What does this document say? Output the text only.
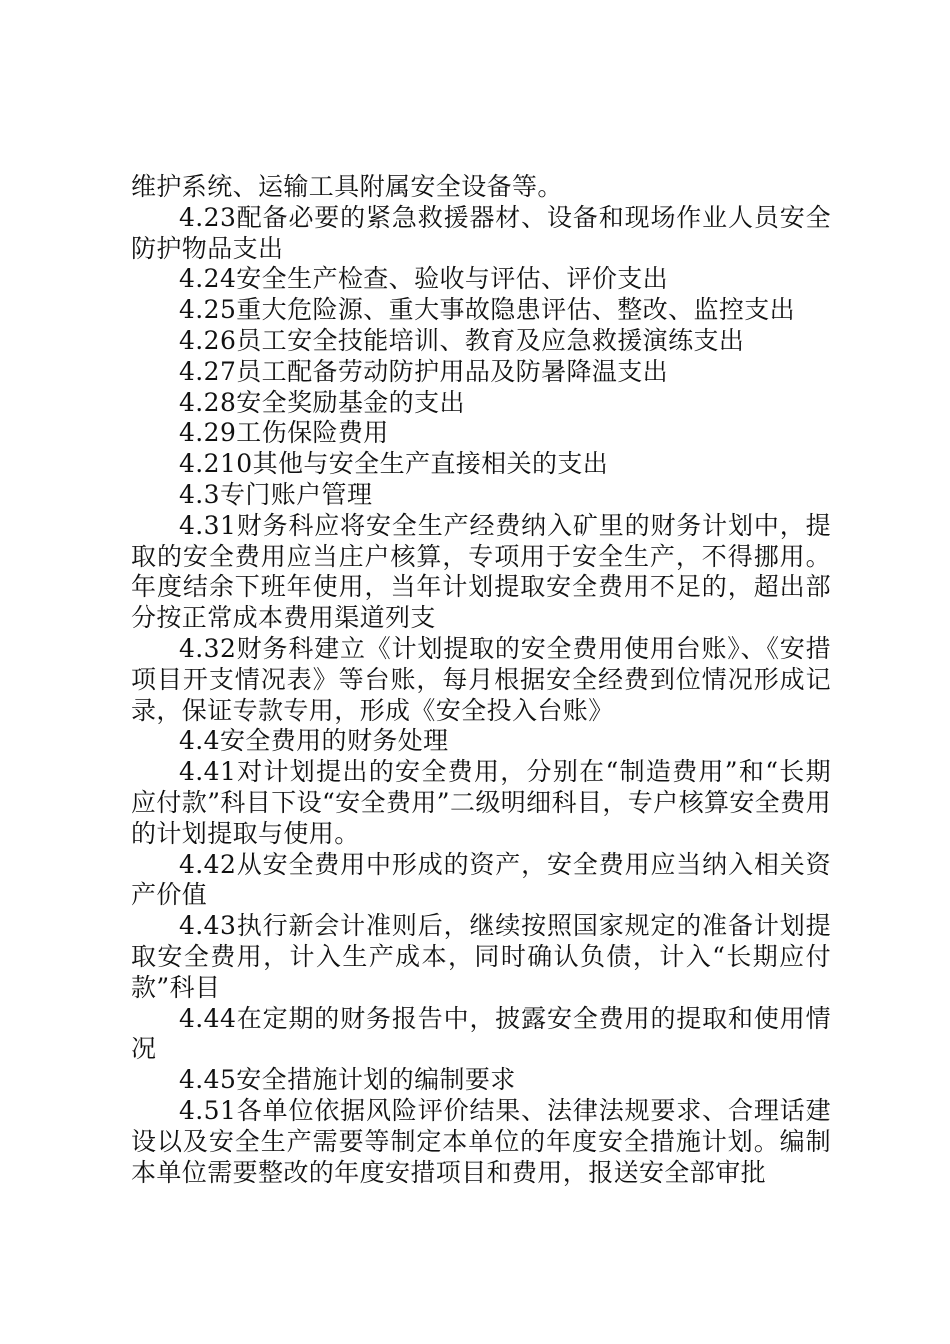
维护系统、运输工具附属安全设备等。

4.23配备必要的紧急救援器材、设备和现场作业人员安全防护物品支出

4.24安全生产检查、验收与评估、评价支出

4.25重大危险源、重大事故隐患评估、整改、监控支出

4.26员工安全技能培训、教育及应急救援演练支出

4.27员工配备劳动防护用品及防暑降温支出

4.28安全奖励基金的支出

4.29工伤保险费用

4.210其他与安全生产直接相关的支出

4.3专门账户管理

4.31财务科应将安全生产经费纳入矿里的财务计划中，提取的安全费用应当庄户核算，专项用于安全生产，不得挪用。年度结余下班年使用，当年计划提取安全费用不足的，超出部分按正常成本费用渠道列支

4.32财务科建立《计划提取的安全费用使用台账》、《安措项目开支情况表》等台账，每月根据安全经费到位情况形成记录，保证专款专用，形成《安全投入台账》

4.4安全费用的财务处理

4.41对计划提出的安全费用，分别在“制造费用”和“长期应付款”科目下设“安全费用”二级明细科目，专户核算安全费用的计划提取与使用。

4.42从安全费用中形成的资产，安全费用应当纳入相关资产价值

4.43执行新会计准则后，继续按照国家规定的准备计划提取安全费用，计入生产成本，同时确认负债，计入“长期应付款”科目

4.44在定期的财务报告中，披露安全费用的提取和使用情况

4.45安全措施计划的编制要求

4.51各单位依据风险评价结果、法律法规要求、合理话建设以及安全生产需要等制定本单位的年度安全措施计划。编制本单位需要整改的年度安措项目和费用，报送安全部审批
